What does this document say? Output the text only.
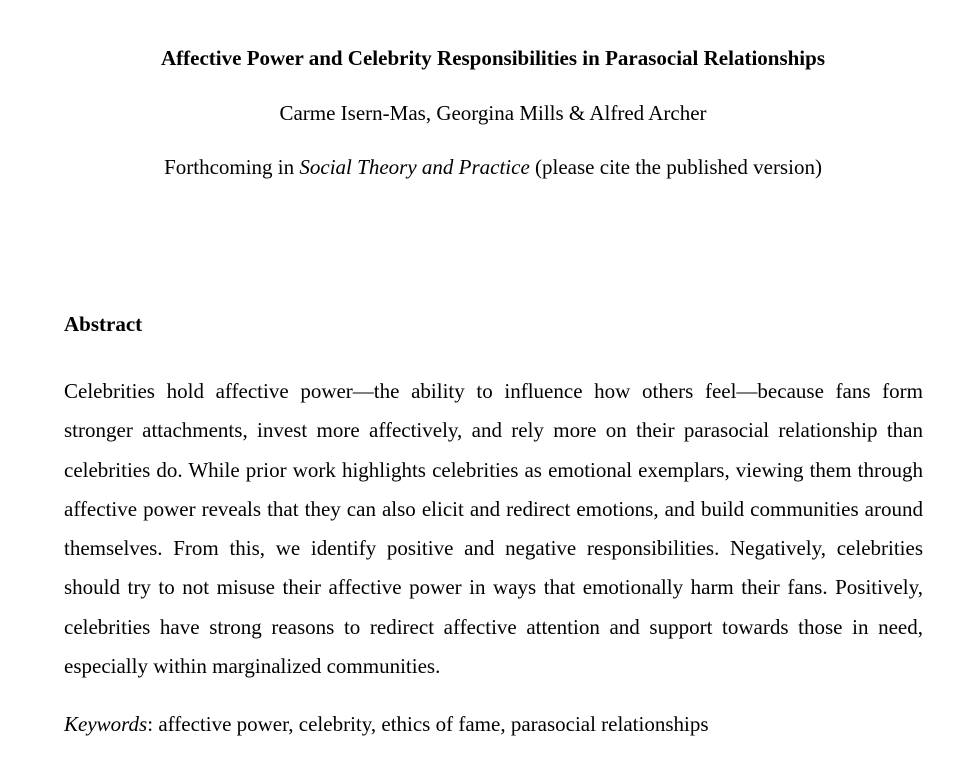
Affective Power and Celebrity Responsibilities in Parasocial Relationships
Carme Isern-Mas, Georgina Mills & Alfred Archer
Forthcoming in Social Theory and Practice (please cite the published version)
Abstract

Celebrities hold affective power—the ability to influence how others feel—because fans form stronger attachments, invest more affectively, and rely more on their parasocial relationship than celebrities do. While prior work highlights celebrities as emotional exemplars, viewing them through affective power reveals that they can also elicit and redirect emotions, and build communities around themselves. From this, we identify positive and negative responsibilities. Negatively, celebrities should try to not misuse their affective power in ways that emotionally harm their fans. Positively, celebrities have strong reasons to redirect affective attention and support towards those in need, especially within marginalized communities.

Keywords: affective power, celebrity, ethics of fame, parasocial relationships
